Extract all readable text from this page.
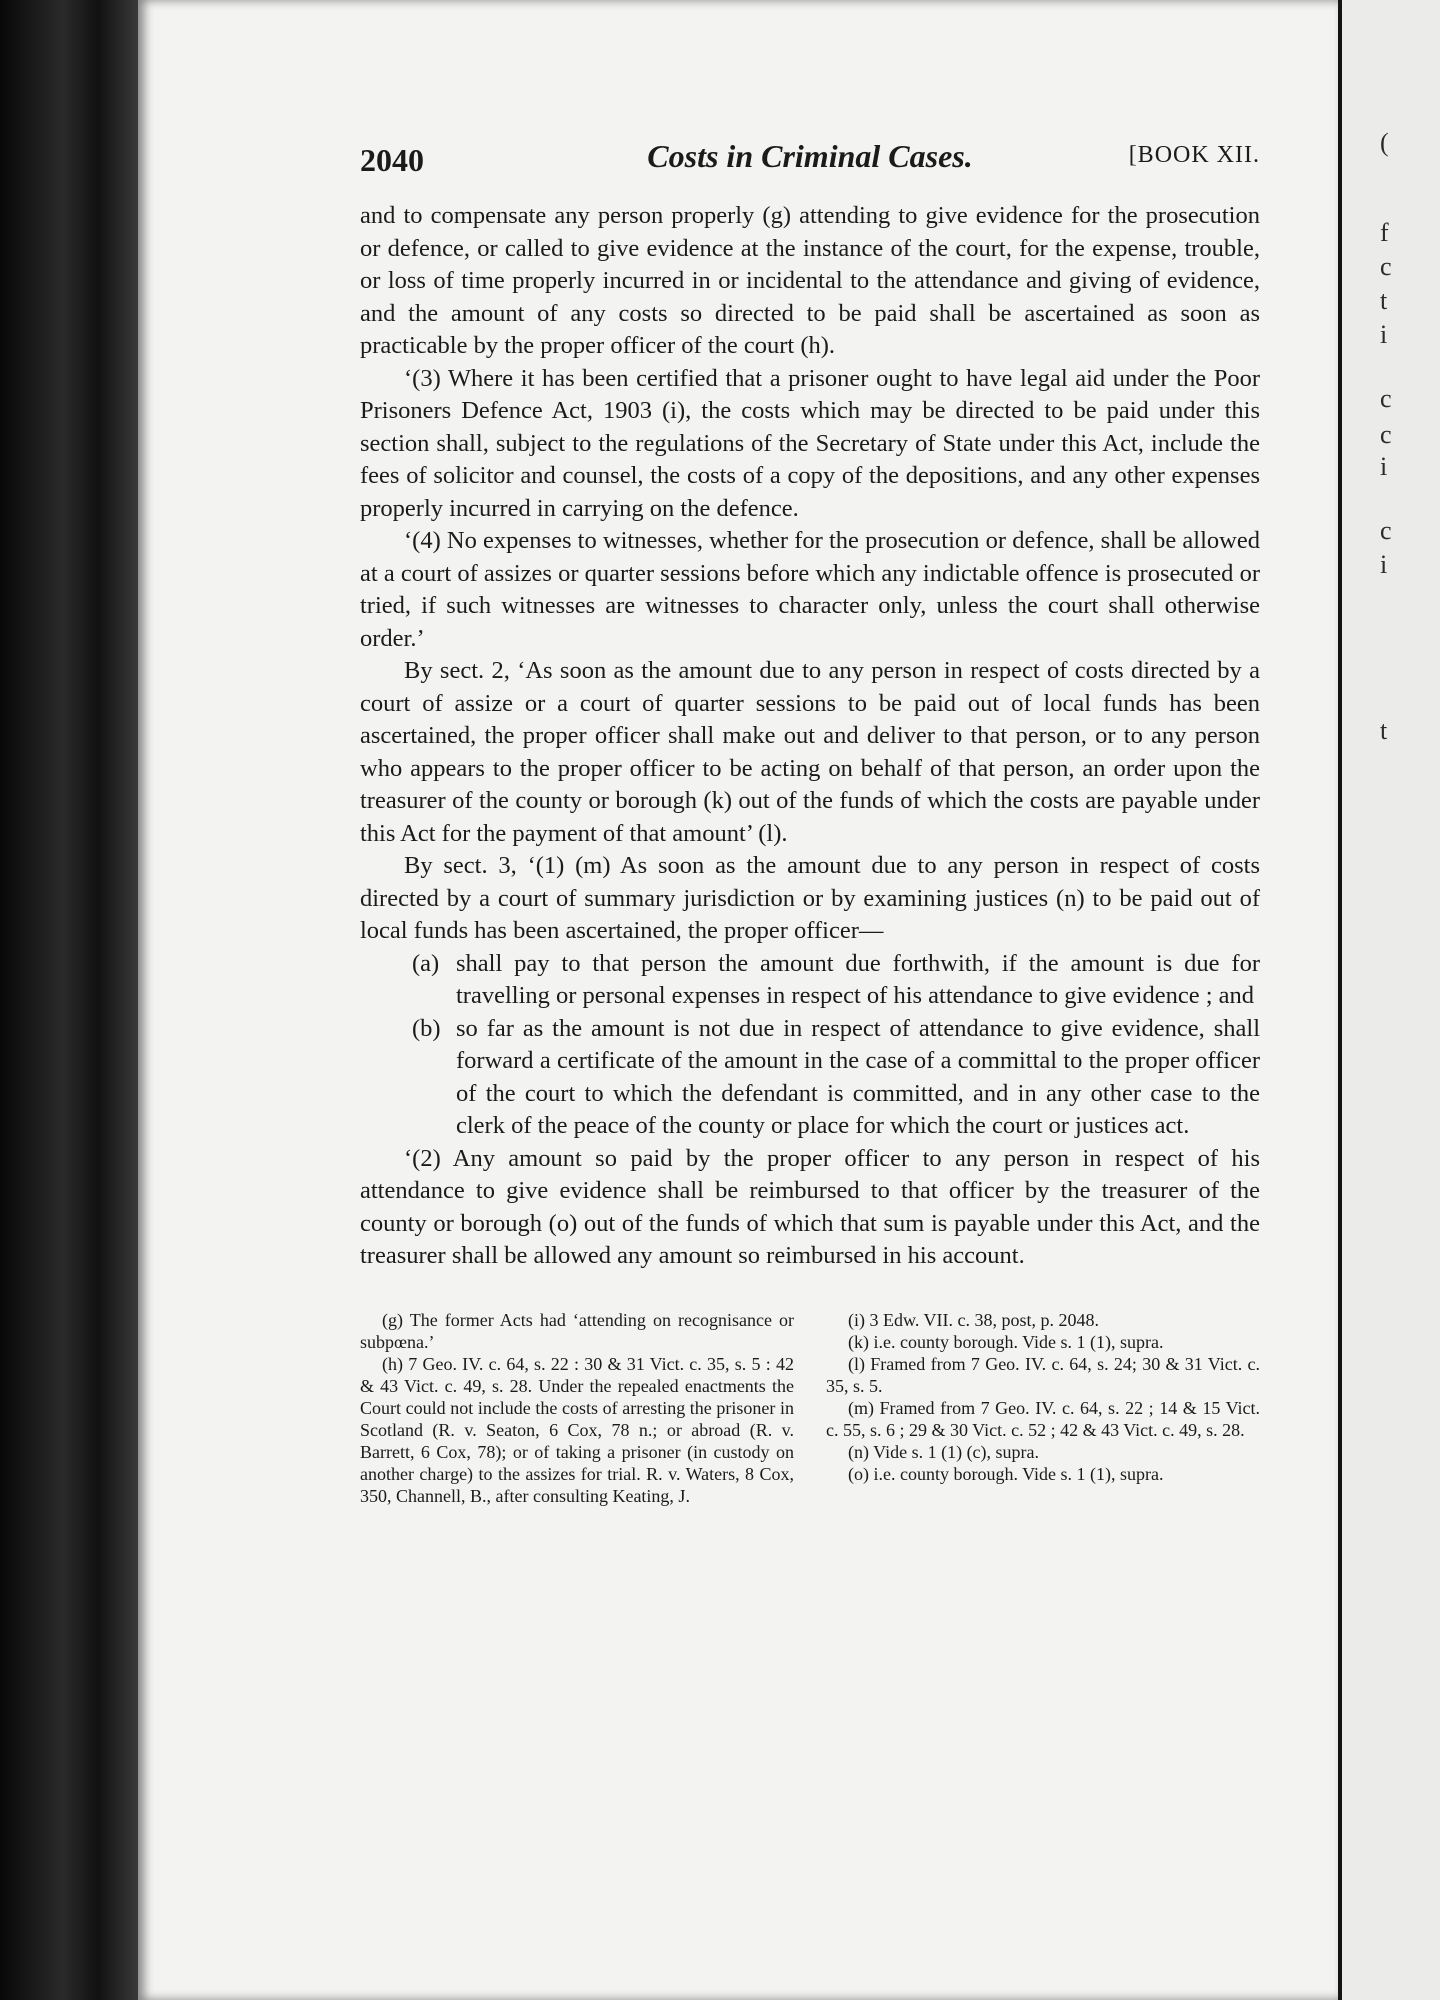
(
f
c
t
i
c
c
i
c
i
t
2040	Costs in Criminal Cases.	[BOOK XII.

and to compensate any person properly (g) attending to give evidence for the prosecution or defence, or called to give evidence at the instance of the court, for the expense, trouble, or loss of time properly incurred in or incidental to the attendance and giving of evidence, and the amount of any costs so directed to be paid shall be ascertained as soon as practicable by the proper officer of the court (h).

‘(3) Where it has been certified that a prisoner ought to have legal aid under the Poor Prisoners Defence Act, 1903 (i), the costs which may be directed to be paid under this section shall, subject to the regulations of the Secretary of State under this Act, include the fees of solicitor and counsel, the costs of a copy of the depositions, and any other expenses properly incurred in carrying on the defence.

‘(4) No expenses to witnesses, whether for the prosecution or defence, shall be allowed at a court of assizes or quarter sessions before which any indictable offence is prosecuted or tried, if such witnesses are witnesses to character only, unless the court shall otherwise order.’

By sect. 2, ‘As soon as the amount due to any person in respect of costs directed by a court of assize or a court of quarter sessions to be paid out of local funds has been ascertained, the proper officer shall make out and deliver to that person, or to any person who appears to the proper officer to be acting on behalf of that person, an order upon the treasurer of the county or borough (k) out of the funds of which the costs are payable under this Act for the payment of that amount’ (l).

By sect. 3, ‘(1) (m) As soon as the amount due to any person in respect of costs directed by a court of summary jurisdiction or by examining justices (n) to be paid out of local funds has been ascertained, the proper officer—

(a) shall pay to that person the amount due forthwith, if the amount is due for travelling or personal expenses in respect of his attendance to give evidence ; and
(b) so far as the amount is not due in respect of attendance to give evidence, shall forward a certificate of the amount in the case of a committal to the proper officer of the court to which the defendant is committed, and in any other case to the clerk of the peace of the county or place for which the court or justices act.

‘(2) Any amount so paid by the proper officer to any person in respect of his attendance to give evidence shall be reimbursed to that officer by the treasurer of the county or borough (o) out of the funds of which that sum is payable under this Act, and the treasurer shall be allowed any amount so reimbursed in his account.

(g) The former Acts had ‘attending on recognisance or subpœna.’

(h) 7 Geo. IV. c. 64, s. 22 : 30 & 31 Vict. c. 35, s. 5 : 42 & 43 Vict. c. 49, s. 28. Under the repealed enactments the Court could not include the costs of arresting the prisoner in Scotland (R. v. Seaton, 6 Cox, 78 n.; or abroad (R. v. Barrett, 6 Cox, 78); or of taking a prisoner (in custody on another charge) to the assizes for trial. R. v. Waters, 8 Cox, 350, Channell, B., after consulting Keating, J.

(i) 3 Edw. VII. c. 38, post, p. 2048.

(k) i.e. county borough. Vide s. 1 (1), supra.

(l) Framed from 7 Geo. IV. c. 64, s. 24; 30 & 31 Vict. c. 35, s. 5.

(m) Framed from 7 Geo. IV. c. 64, s. 22 ; 14 & 15 Vict. c. 55, s. 6 ; 29 & 30 Vict. c. 52 ; 42 & 43 Vict. c. 49, s. 28.

(n) Vide s. 1 (1) (c), supra.

(o) i.e. county borough. Vide s. 1 (1), supra.
